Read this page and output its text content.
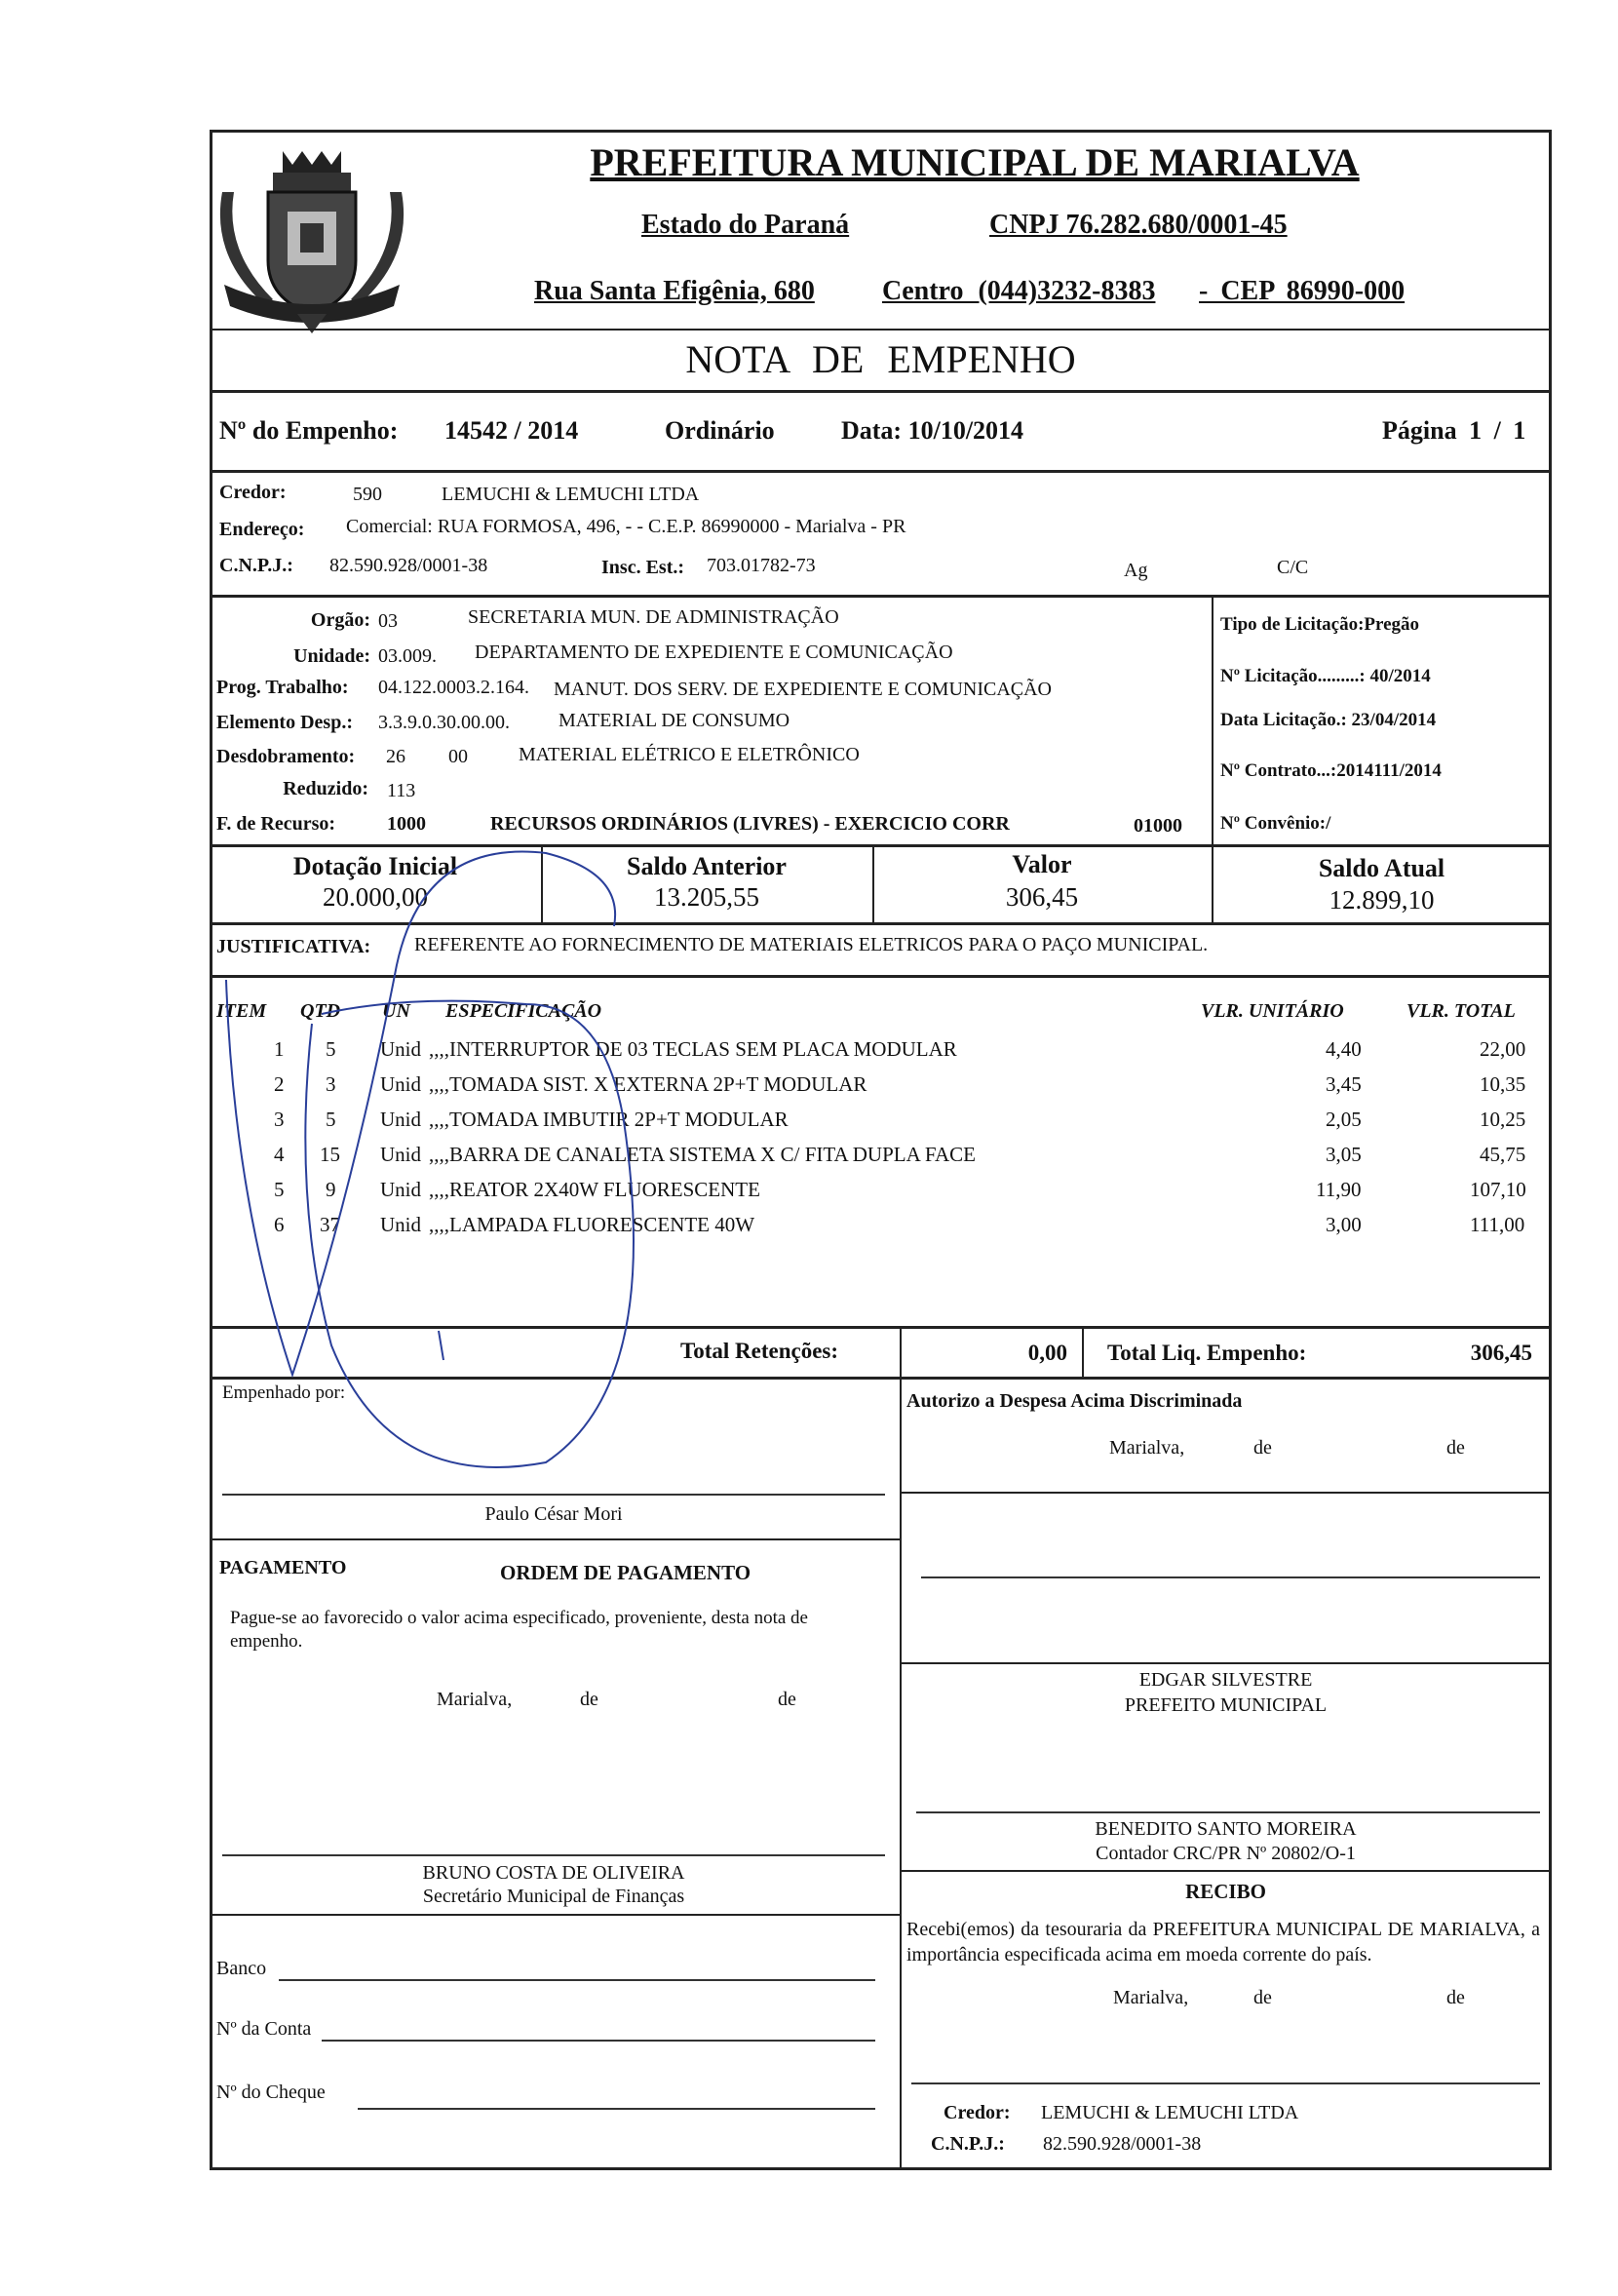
PREFEITURA MUNICIPAL DE MARIALVA
Estado do Paraná	CNPJ 76.282.680/0001-45
Rua Santa Efigênia, 680 Centro (044)3232-8383 - CEP 86990-000
NOTA DE EMPENHO
Nº do Empenho: 14542 / 2014	Ordinário	Data: 10/10/2014	Página 1 / 1
Credor:	590	LEMUCHI & LEMUCHI LTDA
Endereço: Comercial: RUA FORMOSA, 496, - - C.E.P. 86990000 - Marialva - PR
C.N.P.J.: 82.590.928/0001-38	Insc. Est.: 703.01782-73	Ag	C/C
Orgão: 03	SECRETARIA MUN. DE ADMINISTRAÇÃO
Unidade: 03.009. DEPARTAMENTO DE EXPEDIENTE E COMUNICAÇÃO
Prog. Trabalho: 04.122.0003.2.164. MANUT. DOS SERV. DE EXPEDIENTE E COMUNICAÇÃO
Elemento Desp.: 3.3.9.0.30.00.00.	MATERIAL DE CONSUMO
Desdobramento: 26 00	MATERIAL ELÉTRICO E ELETRÔNICO
Reduzido: 113
F. de Recurso:	1000	RECURSOS ORDINÁRIOS (LIVRES) - EXERCICIO CORR	01000
Tipo de Licitação:Pregão
Nº Licitação.........: 40/2014
Data Licitação.: 23/04/2014
Nº Contrato...:2014111/2014
Nº Convênio:/
Dotação Inicial
20.000,00
Saldo Anterior
13.205,55
Valor
306,45
Saldo Atual
12.899,10
JUSTIFICATIVA: REFERENTE AO FORNECIMENTO DE MATERIAIS ELETRICOS PARA O PAÇO MUNICIPAL.
ITEM QTD UN ESPECIFICAÇÃO	VLR. UNITÁRIO	VLR. TOTAL
1 5 Unid ,,,,INTERRUPTOR DE 03 TECLAS SEM PLACA MODULAR	4,40	22,00
2 3 Unid ,,,,TOMADA SIST. X EXTERNA 2P+T MODULAR	3,45	10,35
3 5 Unid ,,,,TOMADA IMBUTIR 2P+T MODULAR	2,05	10,25
4 15 Unid ,,,,BARRA DE CANALETA SISTEMA X C/ FITA DUPLA FACE	3,05	45,75
5 9 Unid ,,,,REATOR 2X40W FLUORESCENTE	11,90	107,10
6 37 Unid ,,,,LAMPADA FLUORESCENTE 40W	3,00	111,00
Total Retenções:	0,00 Total Liq. Empenho:	306,45
Empenhado por:
Paulo César Mori
Autorizo a Despesa Acima Discriminada
Marialva,	de	de
PAGAMENTO	ORDEM DE PAGAMENTO
Pague-se ao favorecido o valor acima especificado, proveniente, desta nota de empenho.
Marialva,	de	de
EDGAR SILVESTRE
PREFEITO MUNICIPAL
BENEDITO SANTO MOREIRA
Contador CRC/PR Nº 20802/O-1
BRUNO COSTA DE OLIVEIRA
Secretário Municipal de Finanças	RECIBO
Recebi(emos) da tesouraria da PREFEITURA MUNICIPAL DE MARIALVA, a importância especificada acima em moeda corrente do país.
Marialva,	de	de
Credor: LEMUCHI & LEMUCHI LTDA
C.N.P.J.: 82.590.928/0001-38
Banco
Nº da Conta
Nº do Cheque
